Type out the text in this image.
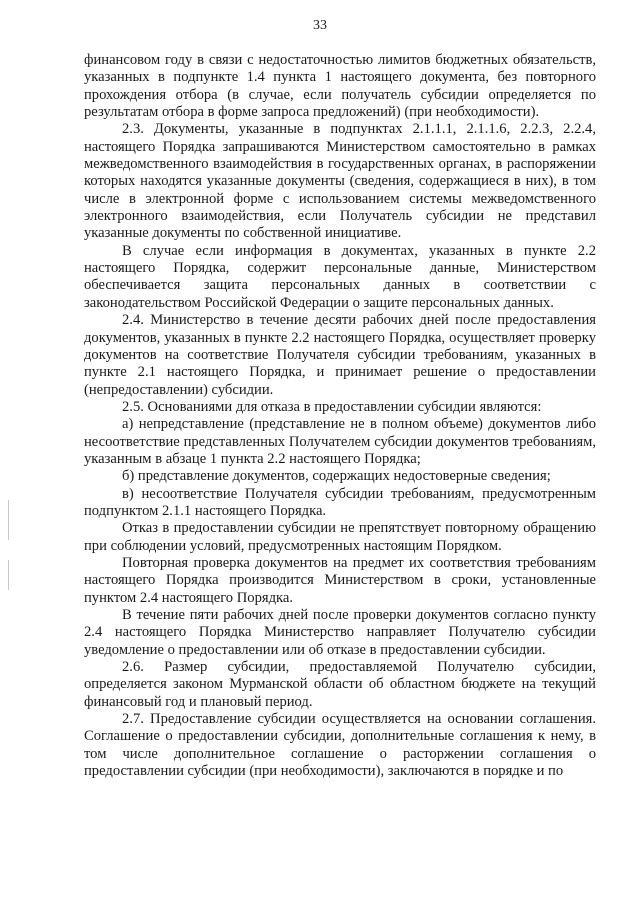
33

финансовом году в связи с недостаточностью лимитов бюджетных обязательств, указанных в подпункте 1.4 пункта 1 настоящего документа, без повторного прохождения отбора (в случае, если получатель субсидии определяется по результатам отбора в форме запроса предложений) (при необходимости).

2.3. Документы, указанные в подпунктах 2.1.1.1, 2.1.1.6, 2.2.3, 2.2.4, настоящего Порядка запрашиваются Министерством самостоятельно в рамках межведомственного взаимодействия в государственных органах, в распоряжении которых находятся указанные документы (сведения, содержащиеся в них), в том числе в электронной форме с использованием системы межведомственного электронного взаимодействия, если Получатель субсидии не представил указанные документы по собственной инициативе.

В случае если информация в документах, указанных в пункте 2.2 настоящего Порядка, содержит персональные данные, Министерством обеспечивается защита персональных данных в соответствии с законодательством Российской Федерации о защите персональных данных.

2.4. Министерство в течение десяти рабочих дней после предоставления документов, указанных в пункте 2.2 настоящего Порядка, осуществляет проверку документов на соответствие Получателя субсидии требованиям, указанных в пункте 2.1 настоящего Порядка, и принимает решение о предоставлении (непредоставлении) субсидии.

2.5. Основаниями для отказа в предоставлении субсидии являются:

а) непредставление (представление не в полном объеме) документов либо несоответствие представленных Получателем субсидии документов требованиям, указанным в абзаце 1 пункта 2.2 настоящего Порядка;

б) представление документов, содержащих недостоверные сведения;

в) несоответствие Получателя субсидии требованиям, предусмотренным подпунктом 2.1.1 настоящего Порядка.

Отказ в предоставлении субсидии не препятствует повторному обращению при соблюдении условий, предусмотренных настоящим Порядком.

Повторная проверка документов на предмет их соответствия требованиям настоящего Порядка производится Министерством в сроки, установленные пунктом 2.4 настоящего Порядка.

В течение пяти рабочих дней после проверки документов согласно пункту 2.4 настоящего Порядка Министерство направляет Получателю субсидии уведомление о предоставлении или об отказе в предоставлении субсидии.

2.6. Размер субсидии, предоставляемой Получателю субсидии, определяется законом Мурманской области об областном бюджете на текущий финансовый год и плановый период.

2.7. Предоставление субсидии осуществляется на основании соглашения. Соглашение о предоставлении субсидии, дополнительные соглашения к нему, в том числе дополнительное соглашение о расторжении соглашения о предоставлении субсидии (при необходимости), заключаются в порядке и по
